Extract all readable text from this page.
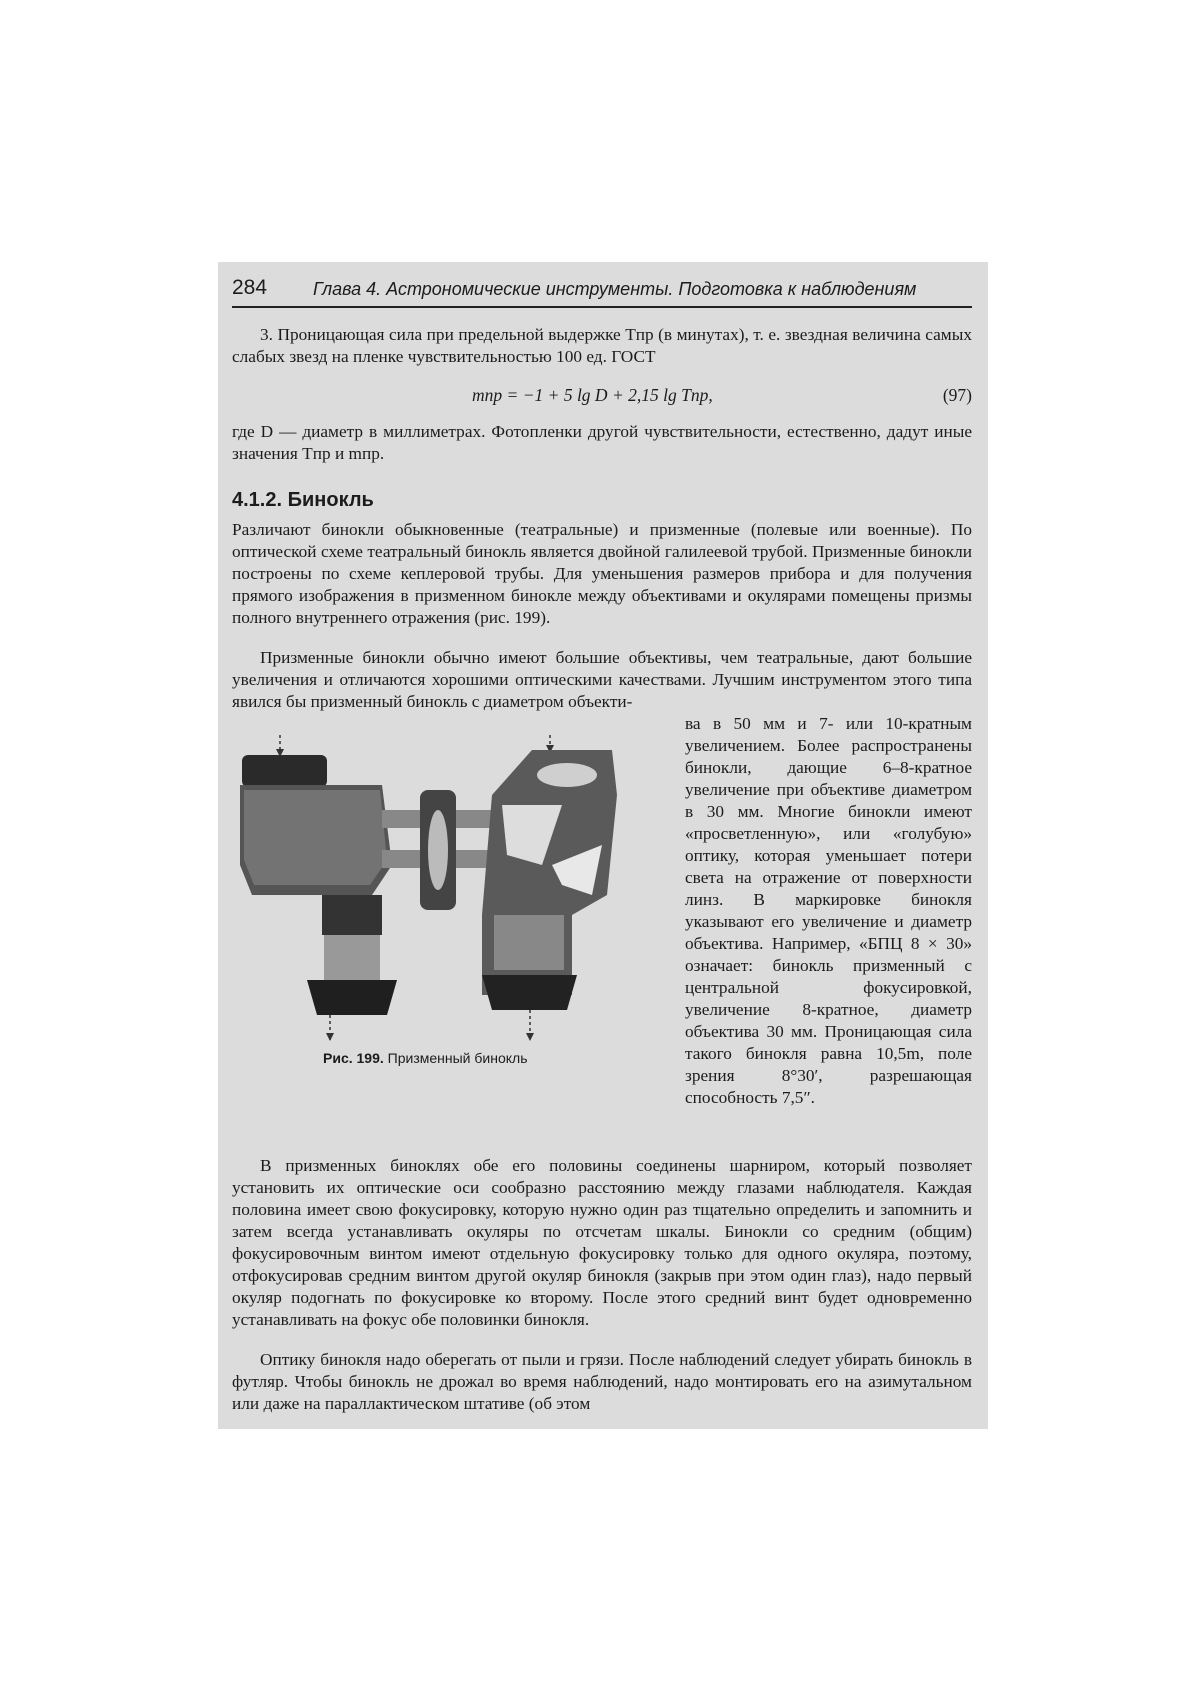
284	Глава 4. Астрономические инструменты. Подготовка к наблюдениям
3. Проницающая сила при предельной выдержке Tпр (в минутах), т. е. звездная величина самых слабых звезд на пленке чувствительностью 100 ед. ГОСТ
mпр = −1 + 5 lg D + 2,15 lg Tпр,	(97)
где D — диаметр в миллиметрах. Фотопленки другой чувствительности, естественно, дадут иные значения Tпр и mпр.
4.1.2. Бинокль
Различают бинокли обыкновенные (театральные) и призменные (полевые или военные). По оптической схеме театральный бинокль является двойной галилеевой трубой. Призменные бинокли построены по схеме кеплеровой трубы. Для уменьшения размеров прибора и для получения прямого изображения в призменном бинокле между объективами и окулярами помещены призмы полного внутреннего отражения (рис. 199).
Призменные бинокли обычно имеют большие объективы, чем театральные, дают большие увеличения и отличаются хорошими оптическими качествами. Лучшим инструментом этого типа явился бы призменный бинокль с диаметром объекти-
Рис. 199. Призменный бинокль
ва в 50 мм и 7- или 10-кратным увеличением. Более распространены бинокли, дающие 6–8-кратное увеличение при объективе диаметром в 30 мм. Многие бинокли имеют «просветленную», или «голубую» оптику, которая уменьшает потери света на отражение от поверхности линз. В маркировке бинокля указывают его увеличение и диаметр объектива. Например, «БПЦ 8 × 30» означает: бинокль призменный с центральной фокусировкой, увеличение 8-кратное, диаметр объектива 30 мм. Проницающая сила такого бинокля равна 10,5m, поле зрения 8°30′, разрешающая способность 7,5″.
В призменных биноклях обе его половины соединены шарниром, который позволяет установить их оптические оси сообразно расстоянию между глазами наблюдателя. Каждая половина имеет свою фокусировку, которую нужно один раз тщательно определить и запомнить и затем всегда устанавливать окуляры по отсчетам шкалы. Бинокли со средним (общим) фокусировочным винтом имеют отдельную фокусировку только для одного окуляра, поэтому, отфокусировав средним винтом другой окуляр бинокля (закрыв при этом один глаз), надо первый окуляр подогнать по фокусировке ко второму. После этого средний винт будет одновременно устанавливать на фокус обе половинки бинокля.
Оптику бинокля надо оберегать от пыли и грязи. После наблюдений следует убирать бинокль в футляр. Чтобы бинокль не дрожал во время наблюдений, надо монтировать его на азимутальном или даже на параллактическом штативе (об этом
